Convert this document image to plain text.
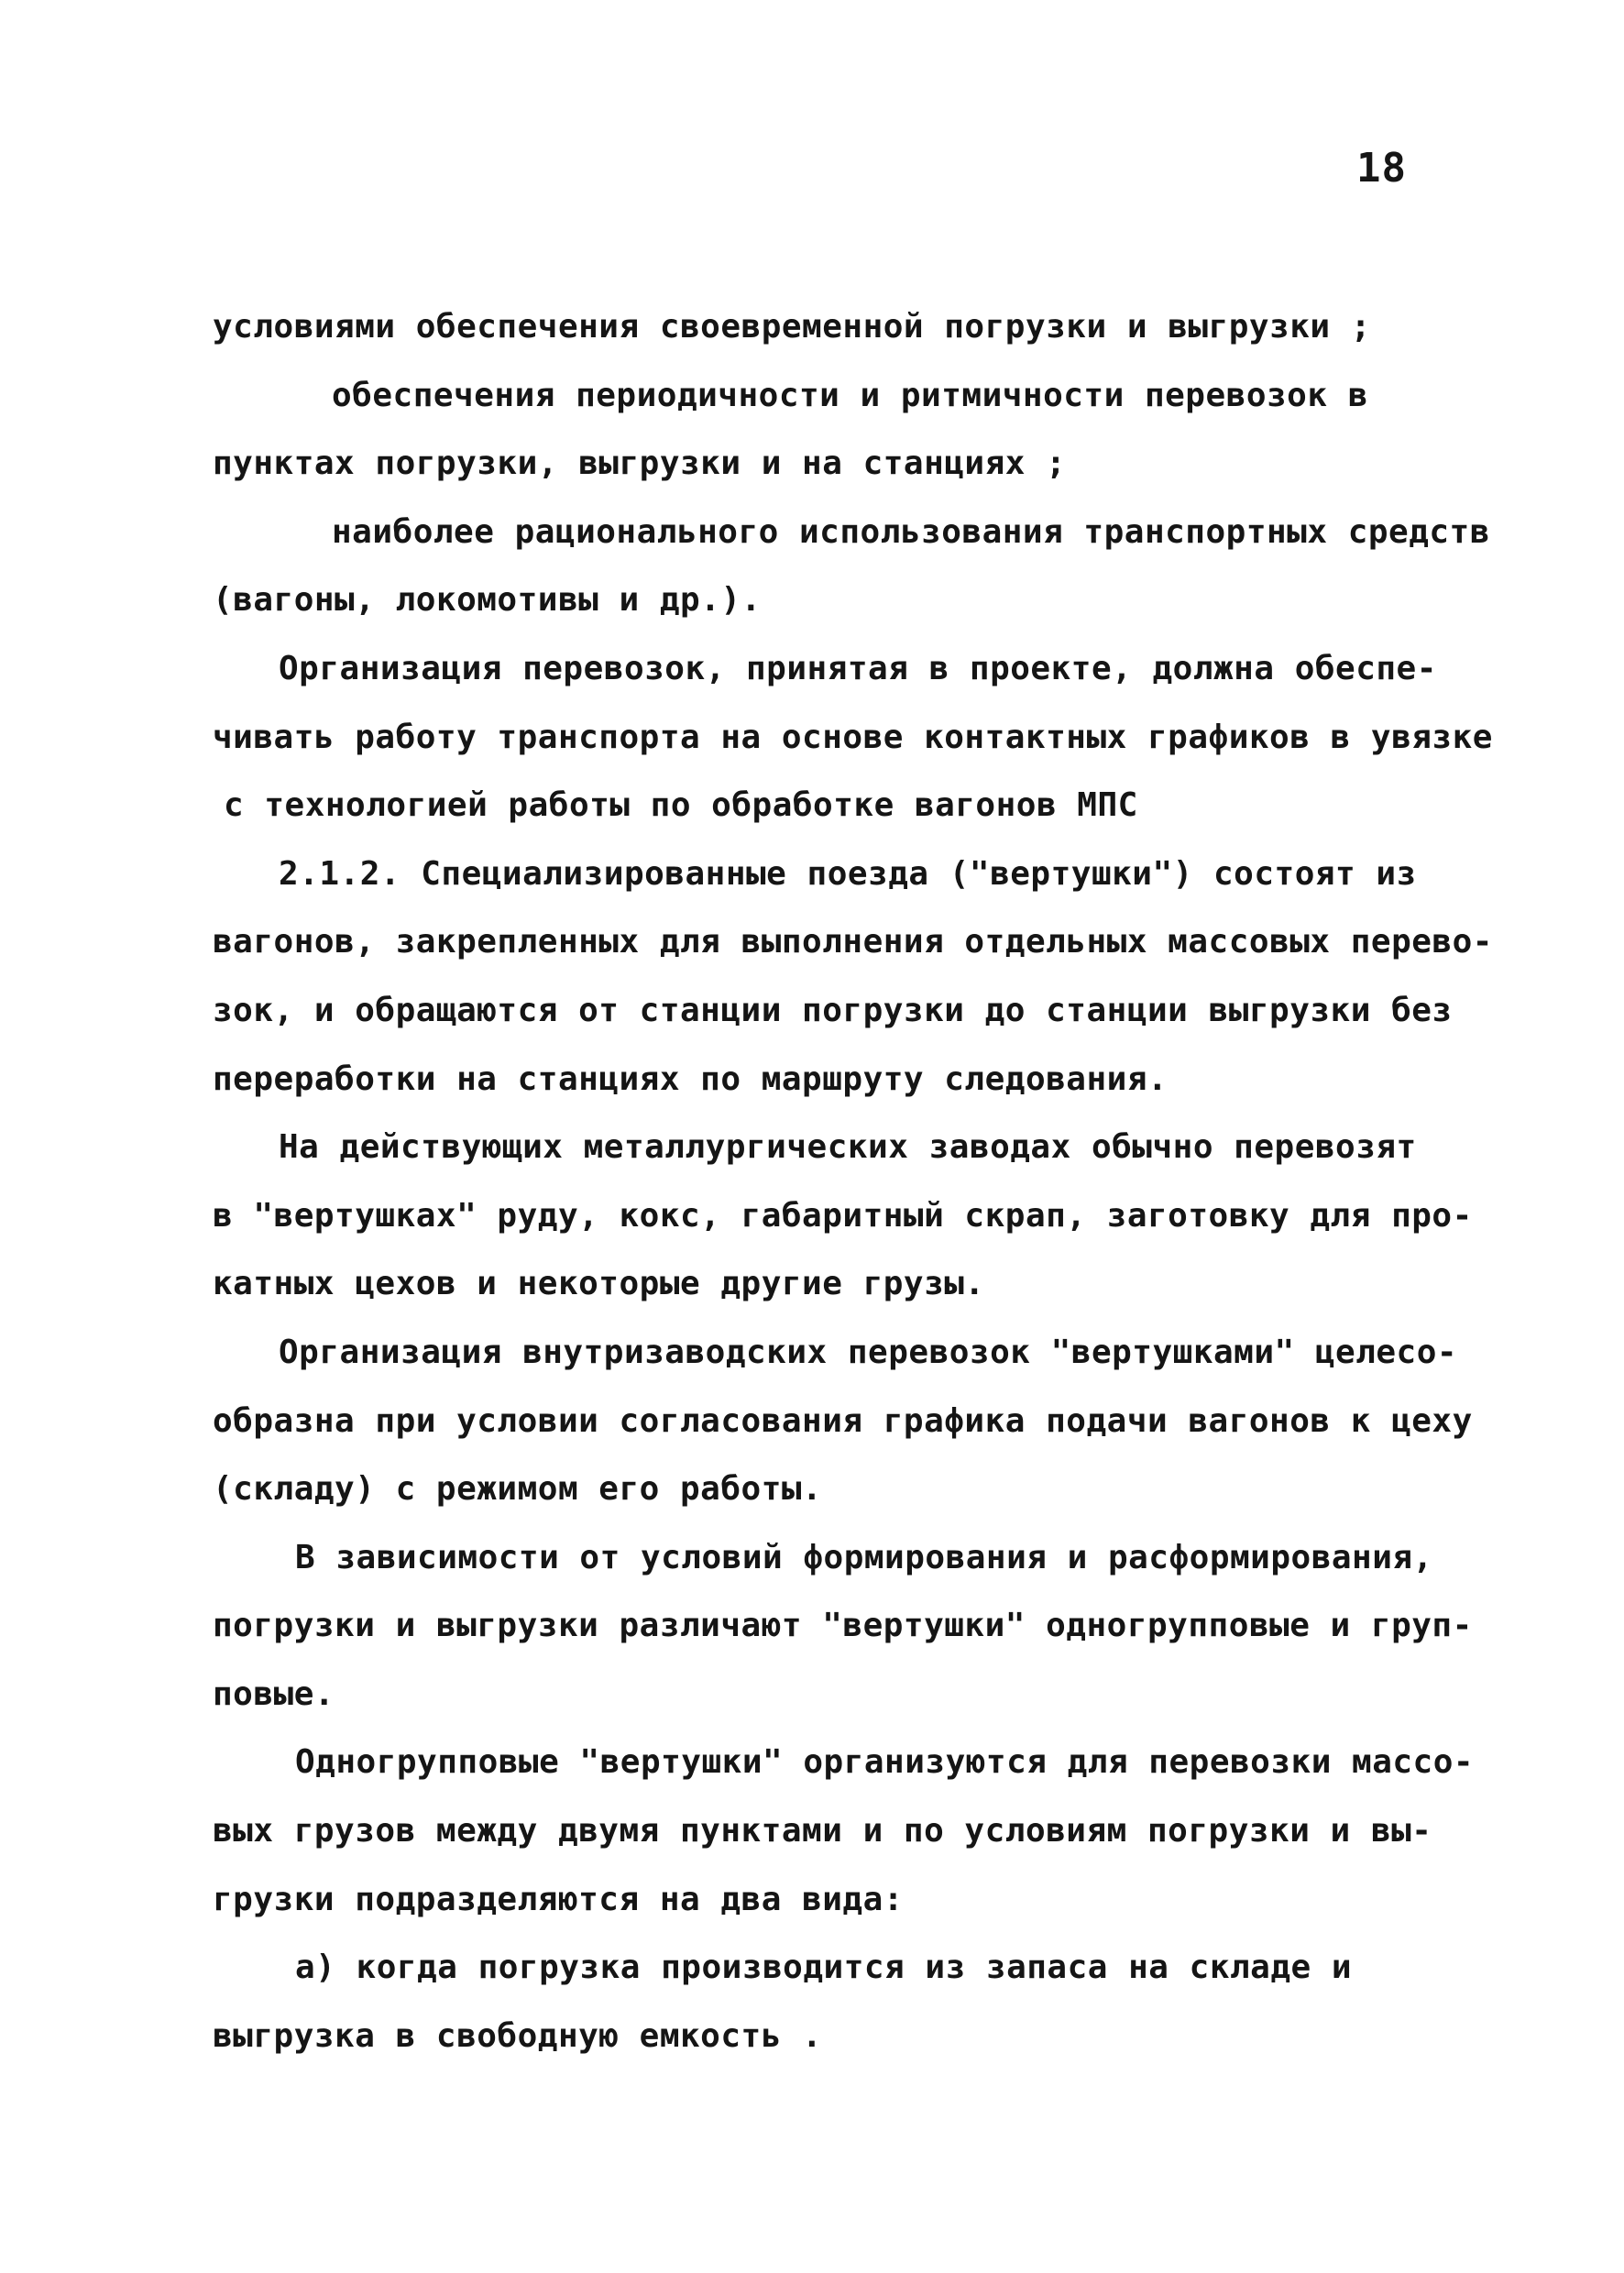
18
условиями обеспечения своевременной погрузки и выгрузки ;
обеспечения периодичности и ритмичности перевозок в
пунктах погрузки, выгрузки и на станциях ;
наиболее рационального использования транспортных средств
(вагоны, локомотивы и др.).
Организация перевозок, принятая в проекте, должна обеспе-
чивать работу транспорта на основе контактных графиков в увязке
с технологией работы по обработке вагонов МПС
2.1.2. Специализированные поезда ("вертушки") состоят из
вагонов, закрепленных для выполнения отдельных массовых перево-
зок, и обращаются от станции погрузки до станции выгрузки без
переработки на станциях по маршруту следования.
На действующих металлургических заводах обычно перевозят
в "вертушках" руду, кокс, габаритный скрап, заготовку для про-
катных цехов и некоторые другие грузы.
Организация внутризаводских перевозок "вертушками" целесо-
образна при условии согласования графика подачи вагонов к цеху
(складу) с режимом его работы.
В зависимости от условий формирования и расформирования,
погрузки и выгрузки различают "вертушки" одногрупповые и груп-
повые.
Одногрупповые "вертушки" организуются для перевозки массо-
вых грузов между двумя пунктами и по условиям погрузки и вы-
грузки подразделяются на два вида:
а) когда погрузка производится из запаса на складе и
выгрузка в свободную емкость .
